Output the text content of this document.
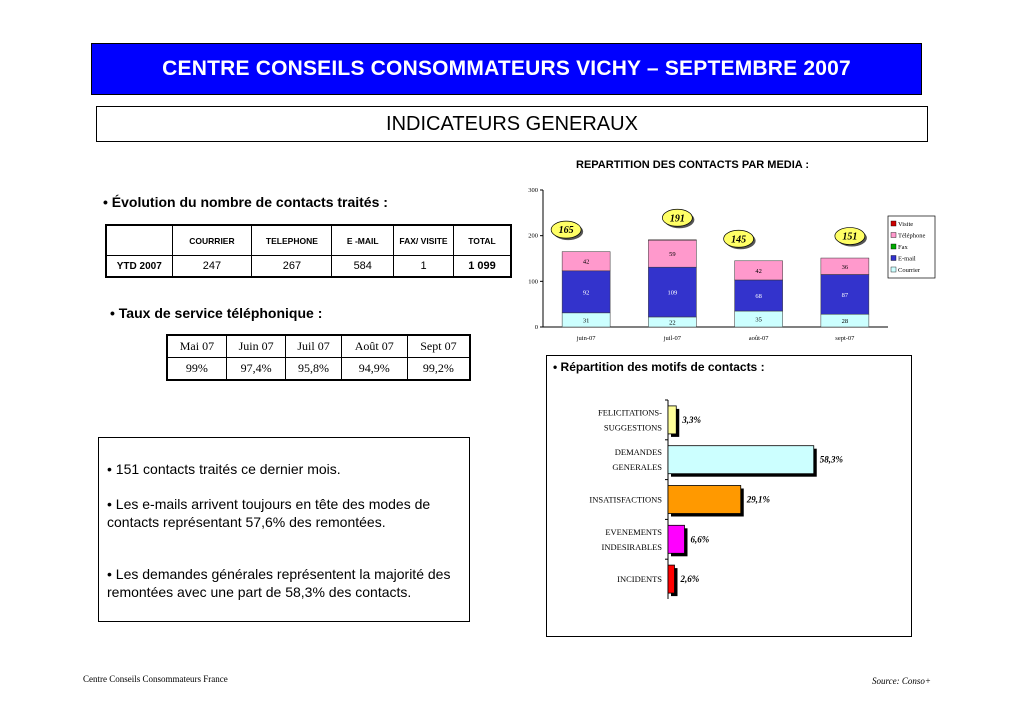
CENTRE CONSEILS CONSOMMATEURS VICHY – SEPTEMBRE 2007
INDICATEURS GENERAUX
• Évolution du nombre de contacts traités :
	COURRIER	TELEPHONE	E -MAIL	FAX/ VISITE	TOTAL
YTD 2007	247	267	584	1	1 099
• Taux de service téléphonique :
Mai 07	Juin 07	Juil 07	Août 07	Sept 07
99%	97,4%	95,8%	94,9%	99,2%

• 151 contacts traités ce dernier mois.

• Les e-mails arrivent toujours en tête des modes de contacts représentant 57,6% des remontées.

• Les demandes générales représentent la majorité des remontées avec une part de 58,3% des contacts.

REPARTITION DES CONTACTS PAR MEDIA :
0
100
200
300
juin-07
31
92
42
165
juil-07
22
109
59
191
août-07
35
68
42
145
sept-07
28
87
36
151
Visite
Téléphone
Fax
E-mail
Courrier
• Répartition des motifs de contacts :
3,3%
FELICITATIONS-
SUGGESTIONS
58,3%
DEMANDES
GENERALES
29,1%
INSATISFACTIONS
6,6%
EVENEMENTS
INDESIRABLES
2,6%
INCIDENTS
Centre Conseils Consommateurs France	Source: Conso+
